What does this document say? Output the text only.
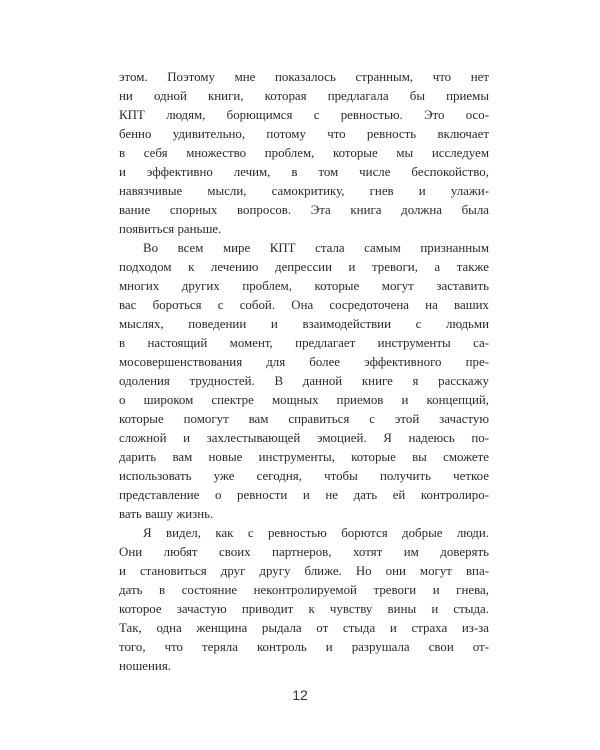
этом. Поэтому мне показалось странным, что нет
ни одной книги, которая предлагала бы приемы
КПТ людям, борющимся с ревностью. Это осо-
бенно удивительно, потому что ревность включает
в себя множество проблем, которые мы исследуем
и эффективно лечим, в том числе беспокойство,
навязчивые мысли, самокритику, гнев и улажи-
вание спорных вопросов. Эта книга должна была
появиться раньше.
Во всем мире КПТ стала самым признанным
подходом к лечению депрессии и тревоги, а также
многих других проблем, которые могут заставить
вас бороться с собой. Она сосредоточена на ваших
мыслях, поведении и взаимодействии с людьми
в настоящий момент, предлагает инструменты са-
мосовершенствования для более эффективного пре-
одоления трудностей. В данной книге я расскажу
о широком спектре мощных приемов и концепций,
которые помогут вам справиться с этой зачастую
сложной и захлестывающей эмоцией. Я надеюсь по-
дарить вам новые инструменты, которые вы сможете
использовать уже сегодня, чтобы получить четкое
представление о ревности и не дать ей контролиро-
вать вашу жизнь.
Я видел, как с ревностью борются добрые люди.
Они любят своих партнеров, хотят им доверять
и становиться друг другу ближе. Но они могут впа-
дать в состояние неконтролируемой тревоги и гнева,
которое зачастую приводит к чувству вины и стыда.
Так, одна женщина рыдала от стыда и страха из-за
того, что теряла контроль и разрушала свои от-
ношения.
12
